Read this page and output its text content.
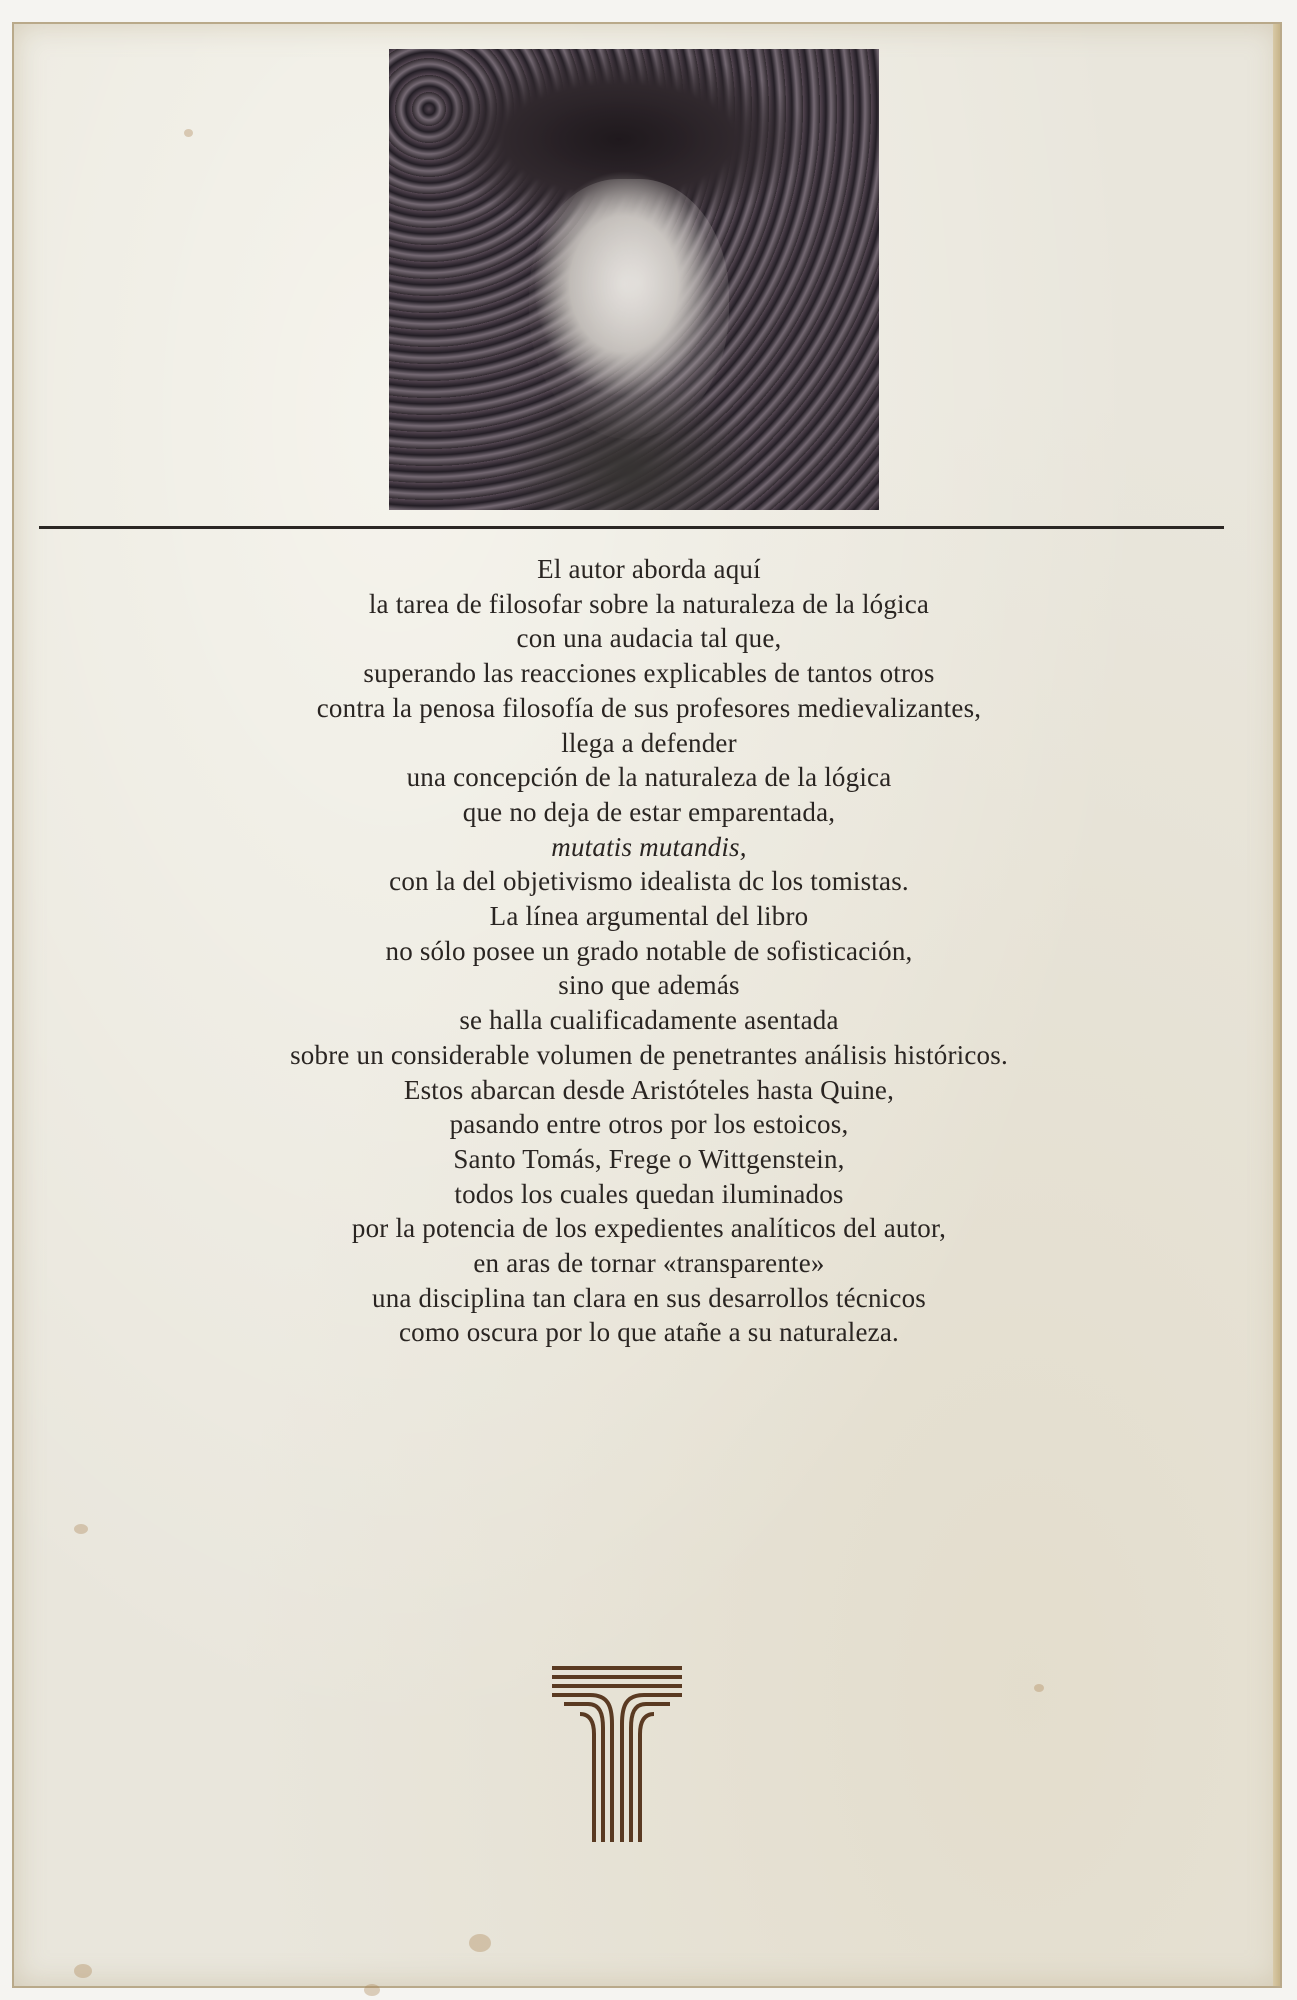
El autor aborda aquí
la tarea de filosofar sobre la naturaleza de la lógica
con una audacia tal que,
superando las reacciones explicables de tantos otros
contra la penosa filosofía de sus profesores medievalizantes,
llega a defender
una concepción de la naturaleza de la lógica
que no deja de estar emparentada,
mutatis mutandis,
con la del objetivismo idealista dc los tomistas.
La línea argumental del libro
no sólo posee un grado notable de sofisticación,
sino que además
se halla cualificadamente asentada
sobre un considerable volumen de penetrantes análisis históricos.
Estos abarcan desde Aristóteles hasta Quine,
pasando entre otros por los estoicos,
Santo Tomás, Frege o Wittgenstein,
todos los cuales quedan iluminados
por la potencia de los expedientes analíticos del autor,
en aras de tornar «transparente»
una disciplina tan clara en sus desarrollos técnicos
como oscura por lo que atañe a su naturaleza.
